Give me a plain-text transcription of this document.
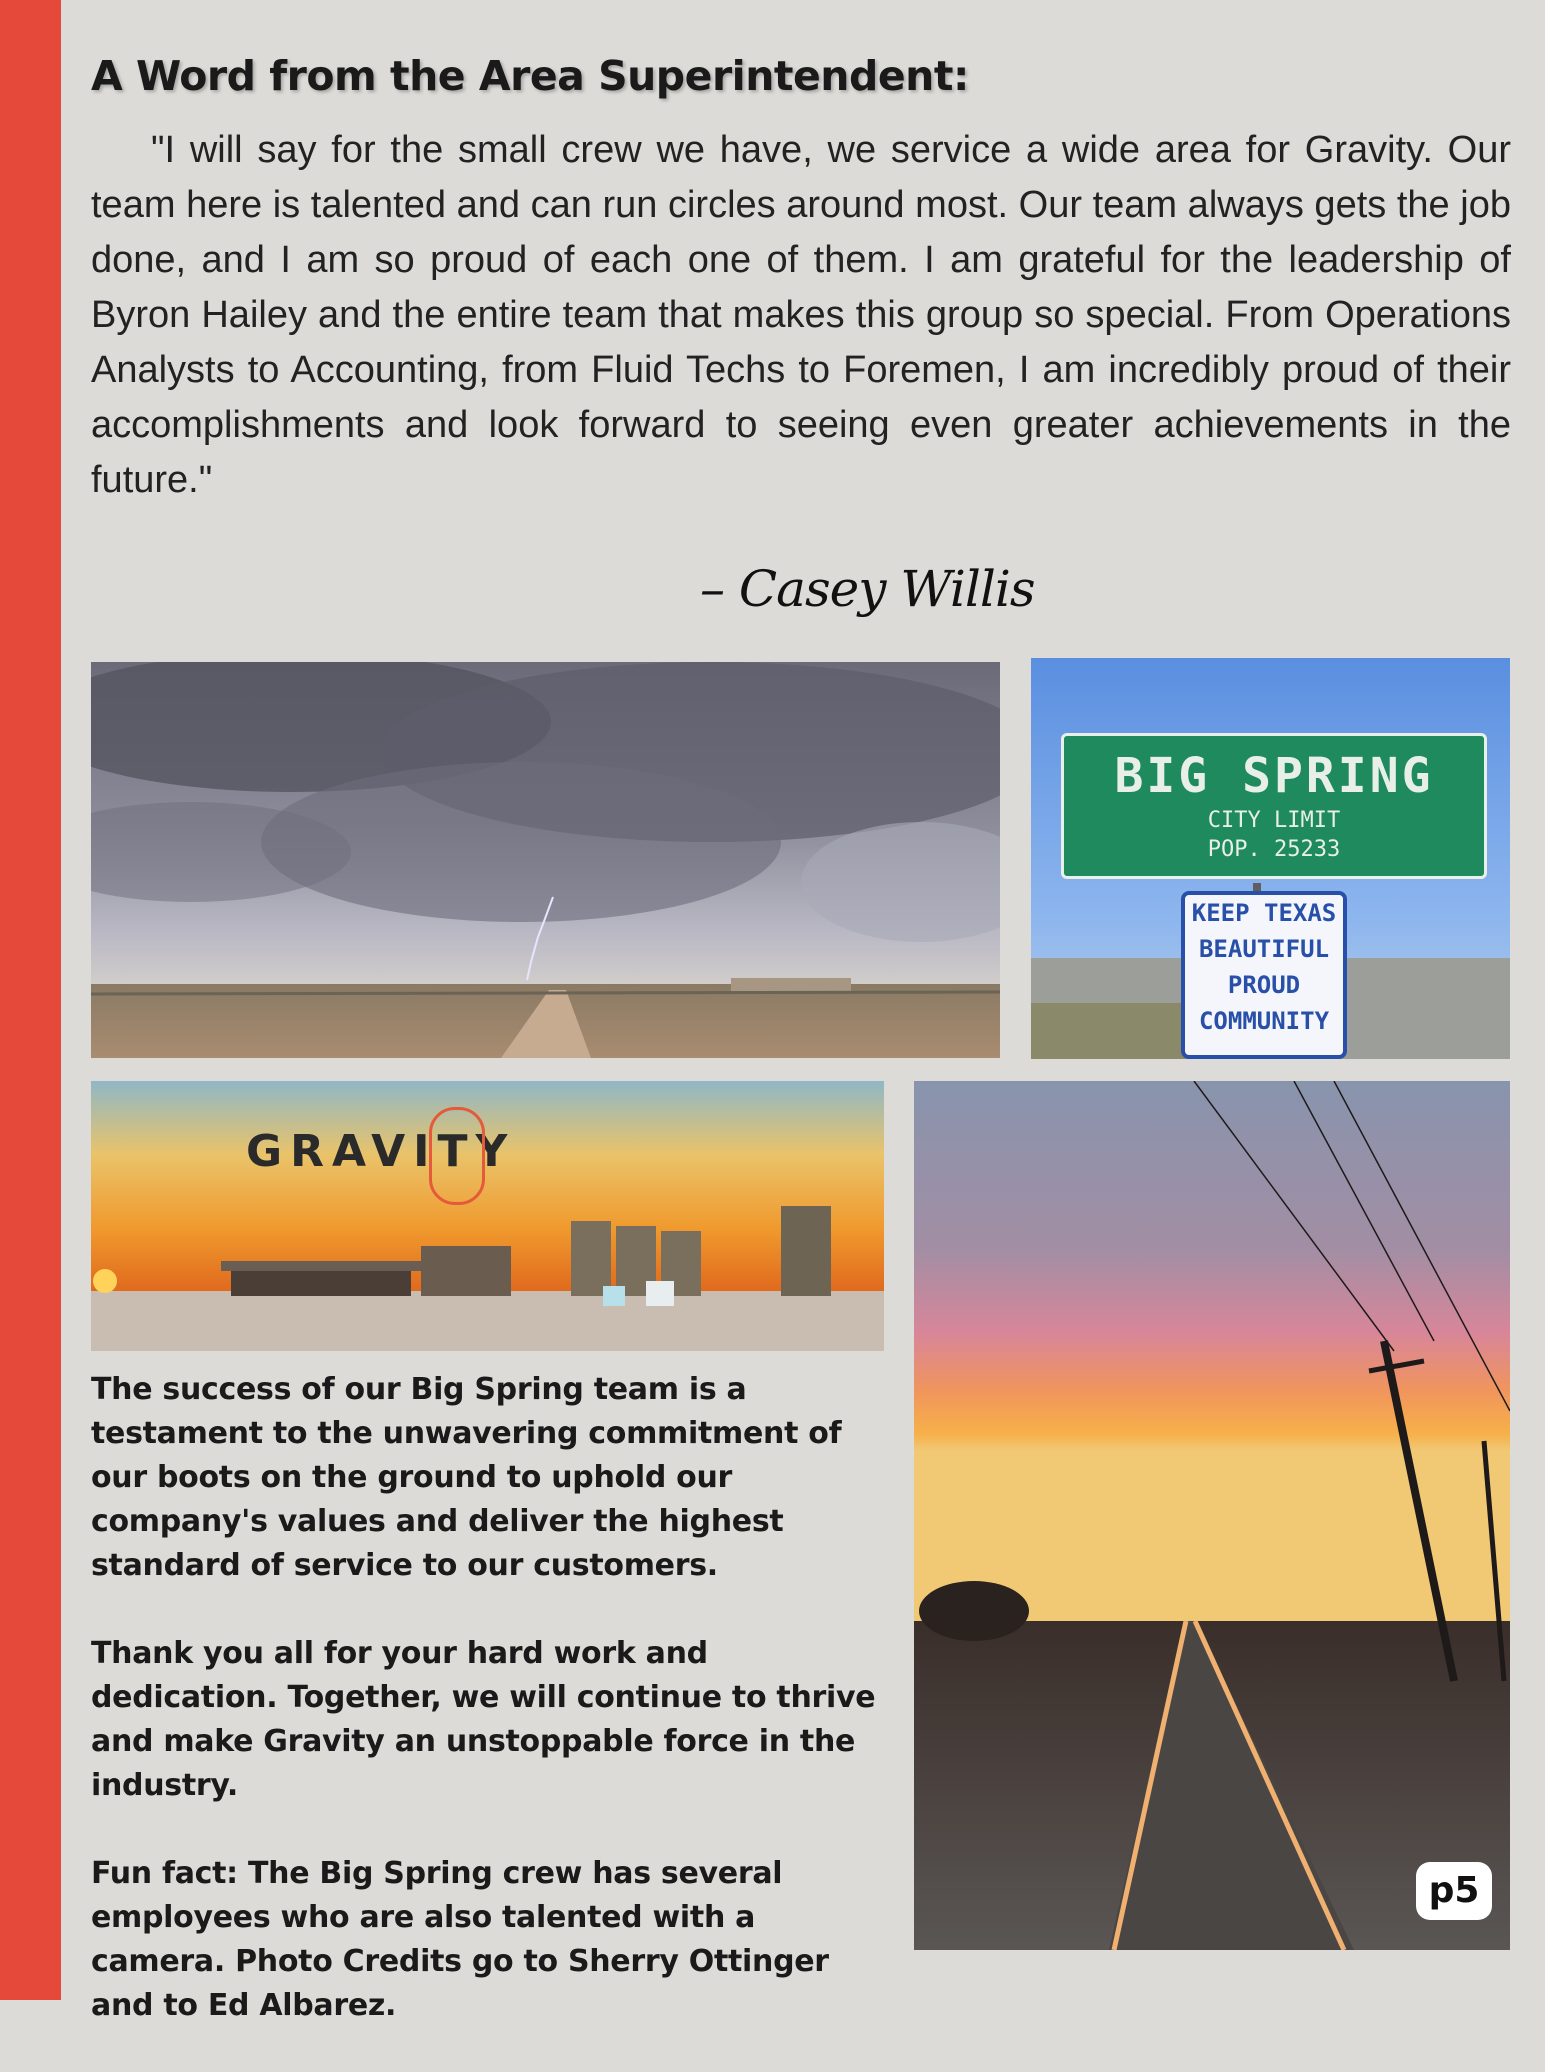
A Word from the Area Superintendent:

"I will say for the small crew we have, we service a wide area for Gravity. Our team here is talented and can run circles around most. Our team always gets the job done, and I am so proud of each one of them. I am grateful for the leadership of Byron Hailey and the entire team that makes this group so special. From Operations Analysts to Accounting, from Fluid Techs to Foremen, I am incredibly proud of their accomplishments and look forward to seeing even greater achievements in the future."

– Casey Willis
BIG SPRING
CITY LIMIT
POP. 25233
KEEP TEXAS
BEAUTIFUL
PROUD
COMMUNITY
GRAVITY

The success of our Big Spring team is a testament to the unwavering commitment of our boots on the ground to uphold our company's values and deliver the highest standard of service to our customers.

Thank you all for your hard work and dedication. Together, we will continue to thrive and make Gravity an unstoppable force in the industry.

Fun fact: The Big Spring crew has several employees who are also talented with a camera. Photo Credits go to Sherry Ottinger and to Ed Albarez.

p5
